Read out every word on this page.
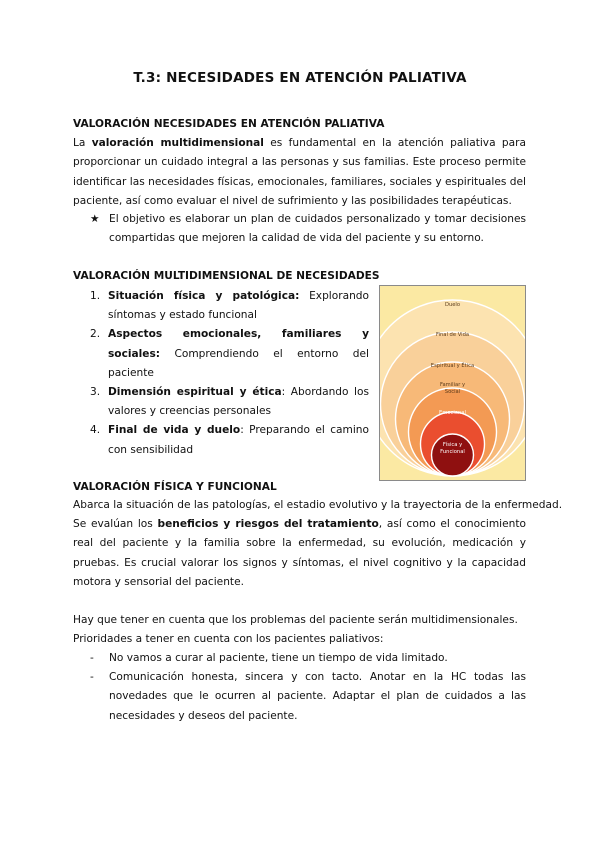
T.3: NECESIDADES EN ATENCIÓN PALIATIVA
VALORACIÓN NECESIDADES EN ATENCIÓN PALIATIVA

La valoración multidimensional es fundamental en la atención paliativa para proporcionar un cuidado integral a las personas y sus familias. Este proceso permite identificar las necesidades físicas, emocionales, familiares, sociales y espirituales del paciente, así como evaluar el nivel de sufrimiento y las posibilidades terapéuticas.

★ El objetivo es elaborar un plan de cuidados personalizado y tomar decisiones compartidas que mejoren la calidad de vida del paciente y su entorno.
VALORACIÓN MULTIDIMENSIONAL DE NECESIDADES
1. Situación física y patológica: Explorando síntomas y estado funcional
2. Aspectos emocionales, familiares y sociales: Comprendiendo el entorno del paciente
3. Dimensión espiritual y ética: Abordando los valores y creencias personales
4. Final de vida y duelo: Preparando el camino con sensibilidad
Duelo
Final de Vida
Espiritual y Ética
Familiar y Social
Emocional
Física y Funcional
VALORACIÓN FÍSICA Y FUNCIONAL
Abarca la situación de las patologías, el estadio evolutivo y la trayectoria de la enfermedad.

Se evalúan los beneficios y riesgos del tratamiento, así como el conocimiento real del paciente y la familia sobre la enfermedad, su evolución, medicación y pruebas. Es crucial valorar los signos y síntomas, el nivel cognitivo y la capacidad motora y sensorial del paciente.

Hay que tener en cuenta que los problemas del paciente serán multidimensionales.
Prioridades a tener en cuenta con los pacientes paliativos:
- No vamos a curar al paciente, tiene un tiempo de vida limitado.
- Comunicación honesta, sincera y con tacto. Anotar en la HC todas las novedades que le ocurren al paciente. Adaptar el plan de cuidados a las necesidades y deseos del paciente.
